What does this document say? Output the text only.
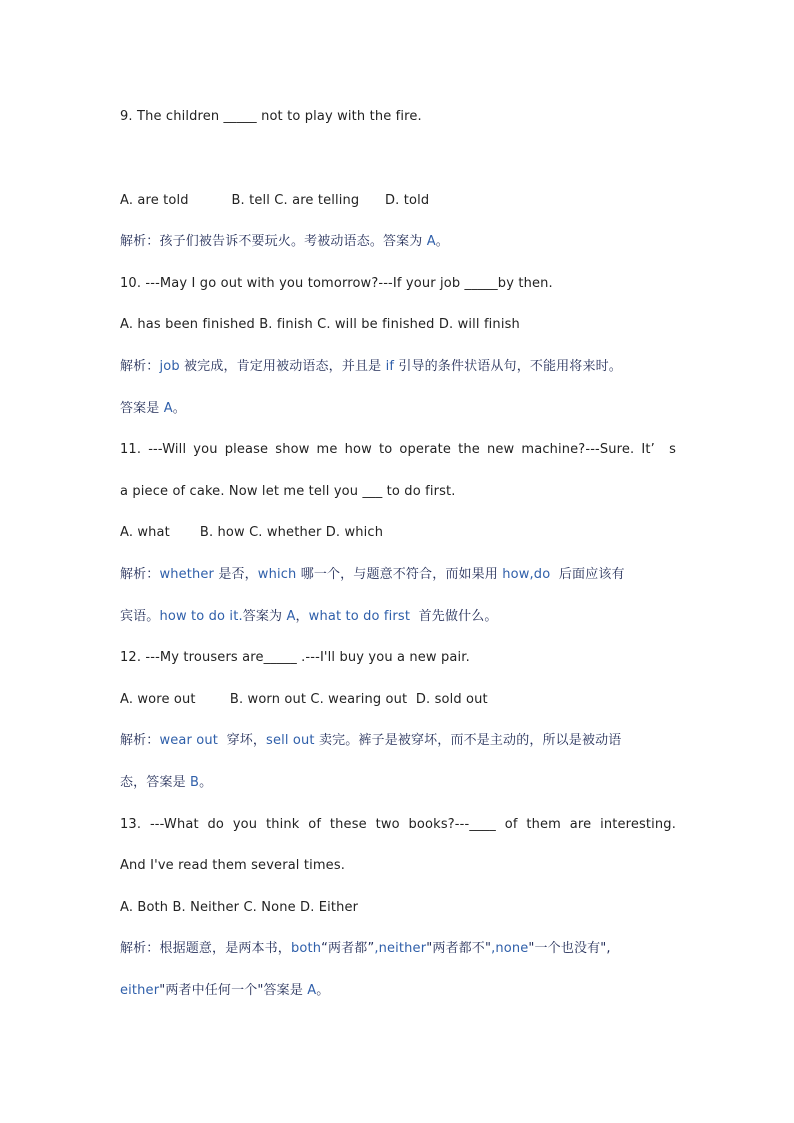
9. The children _____ not to play with the fire.
A. are told          B. tell C. are telling      D. told
解析：孩子们被告诉不要玩火。考被动语态。答案为 A。
10. ---May I go out with you tomorrow?---If your job _____by then.
A. has been finished B. finish C. will be finished D. will finish
解析：job 被完成，肯定用被动语态，并且是 if 引导的条件状语从句，不能用将来时。
答案是 A。
11. ---Will you please show me how to operate the new machine?---Sure. It’  s
a piece of cake. Now let me tell you ___ to do first.
A. what       B. how C. whether D. which
解析：whether 是否，which 哪一个，与题意不符合，而如果用 how,do  后面应该有
宾语。how to do it.答案为 A，what to do first  首先做什么。
12. ---My trousers are_____ .---I'll buy you a new pair.
A. wore out        B. worn out C. wearing out  D. sold out
解析：wear out  穿坏，sell out 卖完。裤子是被穿坏，而不是主动的，所以是被动语
态，答案是 B。
13. ---What do you think of these two books?---____ of them are interesting.
And I've read them several times.
A. Both B. Neither C. None D. Either
解析：根据题意，是两本书，both“两者都”,neither"两者都不",none"一个也没有",
either"两者中任何一个"答案是 A。
